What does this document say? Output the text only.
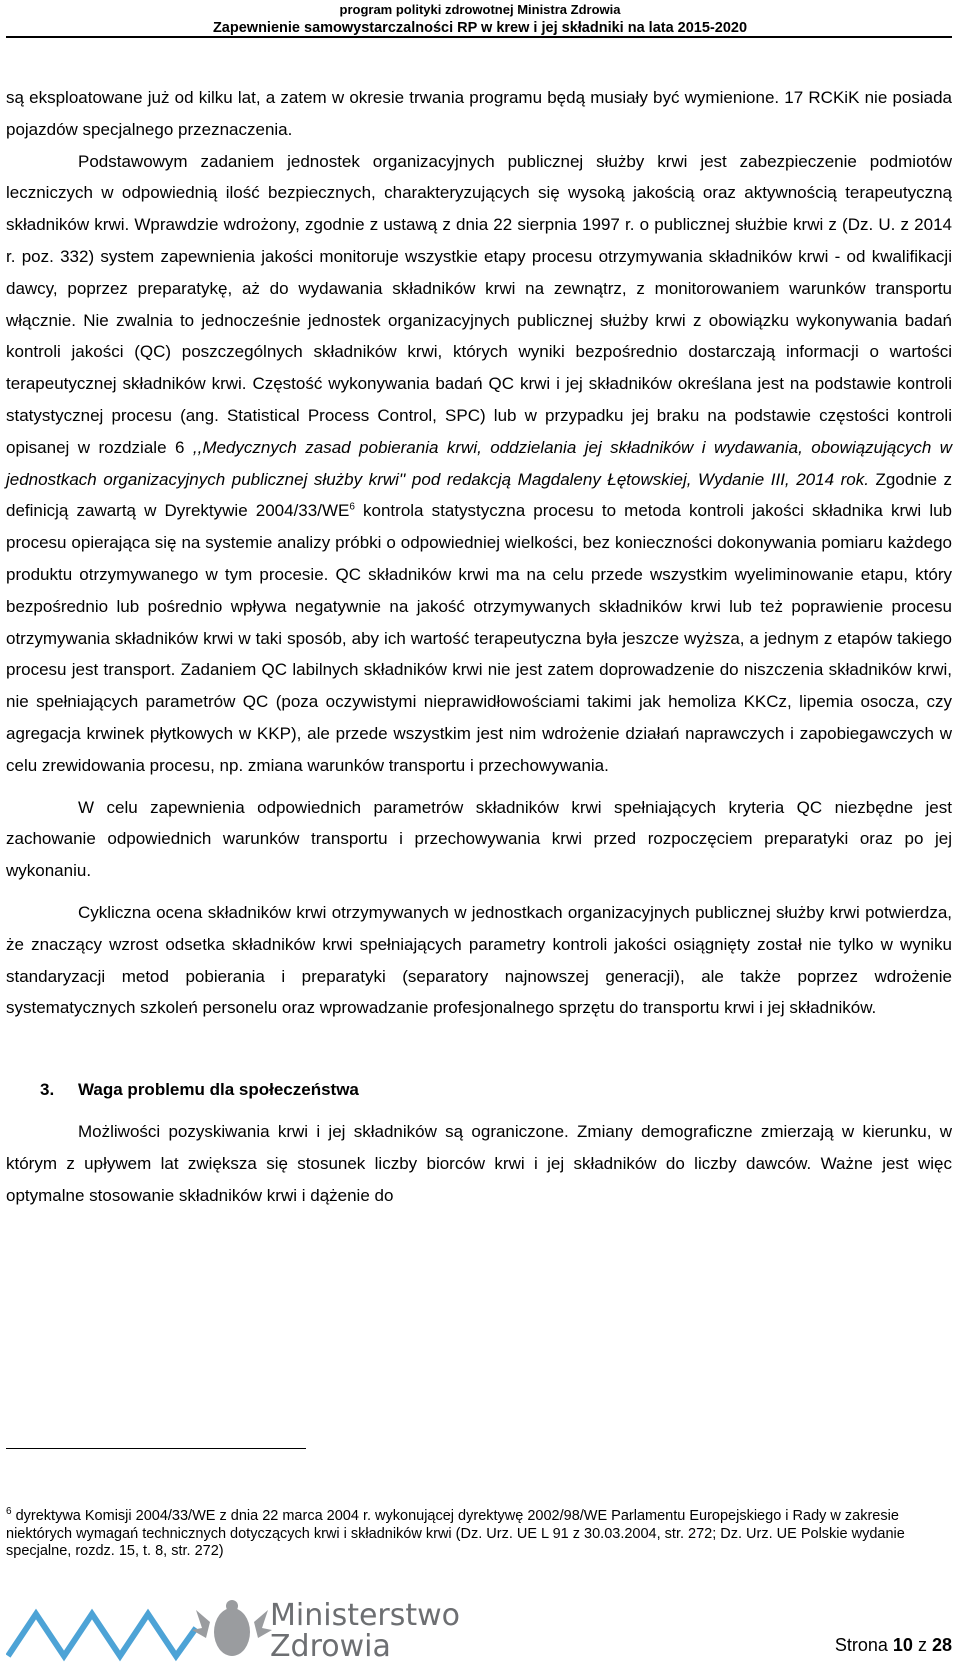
program polityki zdrowotnej Ministra Zdrowia
Zapewnienie samowystarczalności RP w krew i jej składniki na lata 2015-2020

są eksploatowane już od kilku lat, a zatem w okresie trwania programu będą musiały być wymienione. 17 RCKiK nie posiada pojazdów specjalnego przeznaczenia.

Podstawowym zadaniem jednostek organizacyjnych publicznej służby krwi jest zabezpieczenie podmiotów leczniczych w odpowiednią ilość bezpiecznych, charakteryzujących się wysoką jakością oraz aktywnością terapeutyczną składników krwi. Wprawdzie wdrożony, zgodnie z ustawą z dnia 22 sierpnia 1997 r. o publicznej służbie krwi z (Dz. U. z 2014 r. poz. 332) system zapewnienia jakości monitoruje wszystkie etapy procesu otrzymywania składników krwi - od kwalifikacji dawcy, poprzez preparatykę, aż do wydawania składników krwi na zewnątrz, z monitorowaniem warunków transportu włącznie. Nie zwalnia to jednocześnie jednostek organizacyjnych publicznej służby krwi z obowiązku wykonywania badań kontroli jakości (QC) poszczególnych składników krwi, których wyniki bezpośrednio dostarczają informacji o wartości terapeutycznej składników krwi. Częstość wykonywania badań QC krwi i jej składników określana jest na podstawie kontroli statystycznej procesu (ang. Statistical Process Control, SPC) lub w przypadku jej braku na podstawie częstości kontroli opisanej w rozdziale 6 ,,Medycznych zasad pobierania krwi, oddzielania jej składników i wydawania, obowiązujących w jednostkach organizacyjnych publicznej służby krwi'' pod redakcją Magdaleny Łętowskiej, Wydanie III, 2014 rok. Zgodnie z definicją zawartą w Dyrektywie $2004/33/WE^6$ kontrola statystyczna procesu to metoda kontroli jakości składnika krwi lub procesu opierająca się na systemie analizy próbki o odpowiedniej wielkości, bez konieczności dokonywania pomiaru każdego produktu otrzymywanego w tym procesie. QC składników krwi ma na celu przede wszystkim wyeliminowanie etapu, który bezpośrednio lub pośrednio wpływa negatywnie na jakość otrzymywanych składników krwi lub też poprawienie procesu otrzymywania składników krwi w taki sposób, aby ich wartość terapeutyczna była jeszcze wyższa, a jednym z etapów takiego procesu jest transport. Zadaniem QC labilnych składników krwi nie jest zatem doprowadzenie do niszczenia składników krwi, nie spełniających parametrów QC (poza oczywistymi nieprawidłowościami takimi jak hemoliza KKCz, lipemia osocza, czy agregacja krwinek płytkowych w KKP), ale przede wszystkim jest nim wdrożenie działań naprawczych i zapobiegawczych w celu zrewidowania procesu, np. zmiana warunków transportu i przechowywania.

W celu zapewnienia odpowiednich parametrów składników krwi spełniających kryteria QC niezbędne jest zachowanie odpowiednich warunków transportu i przechowywania krwi przed rozpoczęciem preparatyki oraz po jej wykonaniu.

Cykliczna ocena składników krwi otrzymywanych w jednostkach organizacyjnych publicznej służby krwi potwierdza, że znaczący wzrost odsetka składników krwi spełniających parametry kontroli jakości osiągnięty został nie tylko w wyniku standaryzacji metod pobierania i preparatyki (separatory najnowszej generacji), ale także poprzez wdrożenie systematycznych szkoleń personelu oraz wprowadzanie profesjonalnego sprzętu do transportu krwi i jej składników.

3. Waga problemu dla społeczeństwa

Możliwości pozyskiwania krwi i jej składników są ograniczone. Zmiany demograficzne zmierzają w kierunku, w którym z upływem lat zwiększa się stosunek liczby biorców krwi i jej składników do liczby dawców. Ważne jest więc optymalne stosowanie składników krwi i dążenie do

$^6$ dyrektywa Komisji 2004/33/WE z dnia 22 marca 2004 r. wykonującej dyrektywę 2002/98/WE Parlamentu Europejskiego i Rady w zakresie niektórych wymagań technicznych dotyczących krwi i składników krwi (Dz. Urz. UE L 91 z 30.03.2004, str. 272; Dz. Urz. UE Polskie wydanie specjalne, rozdz. 15, t. 8, str. 272)
Ministerstwo
Zdrowia	Strona 10 z 28
